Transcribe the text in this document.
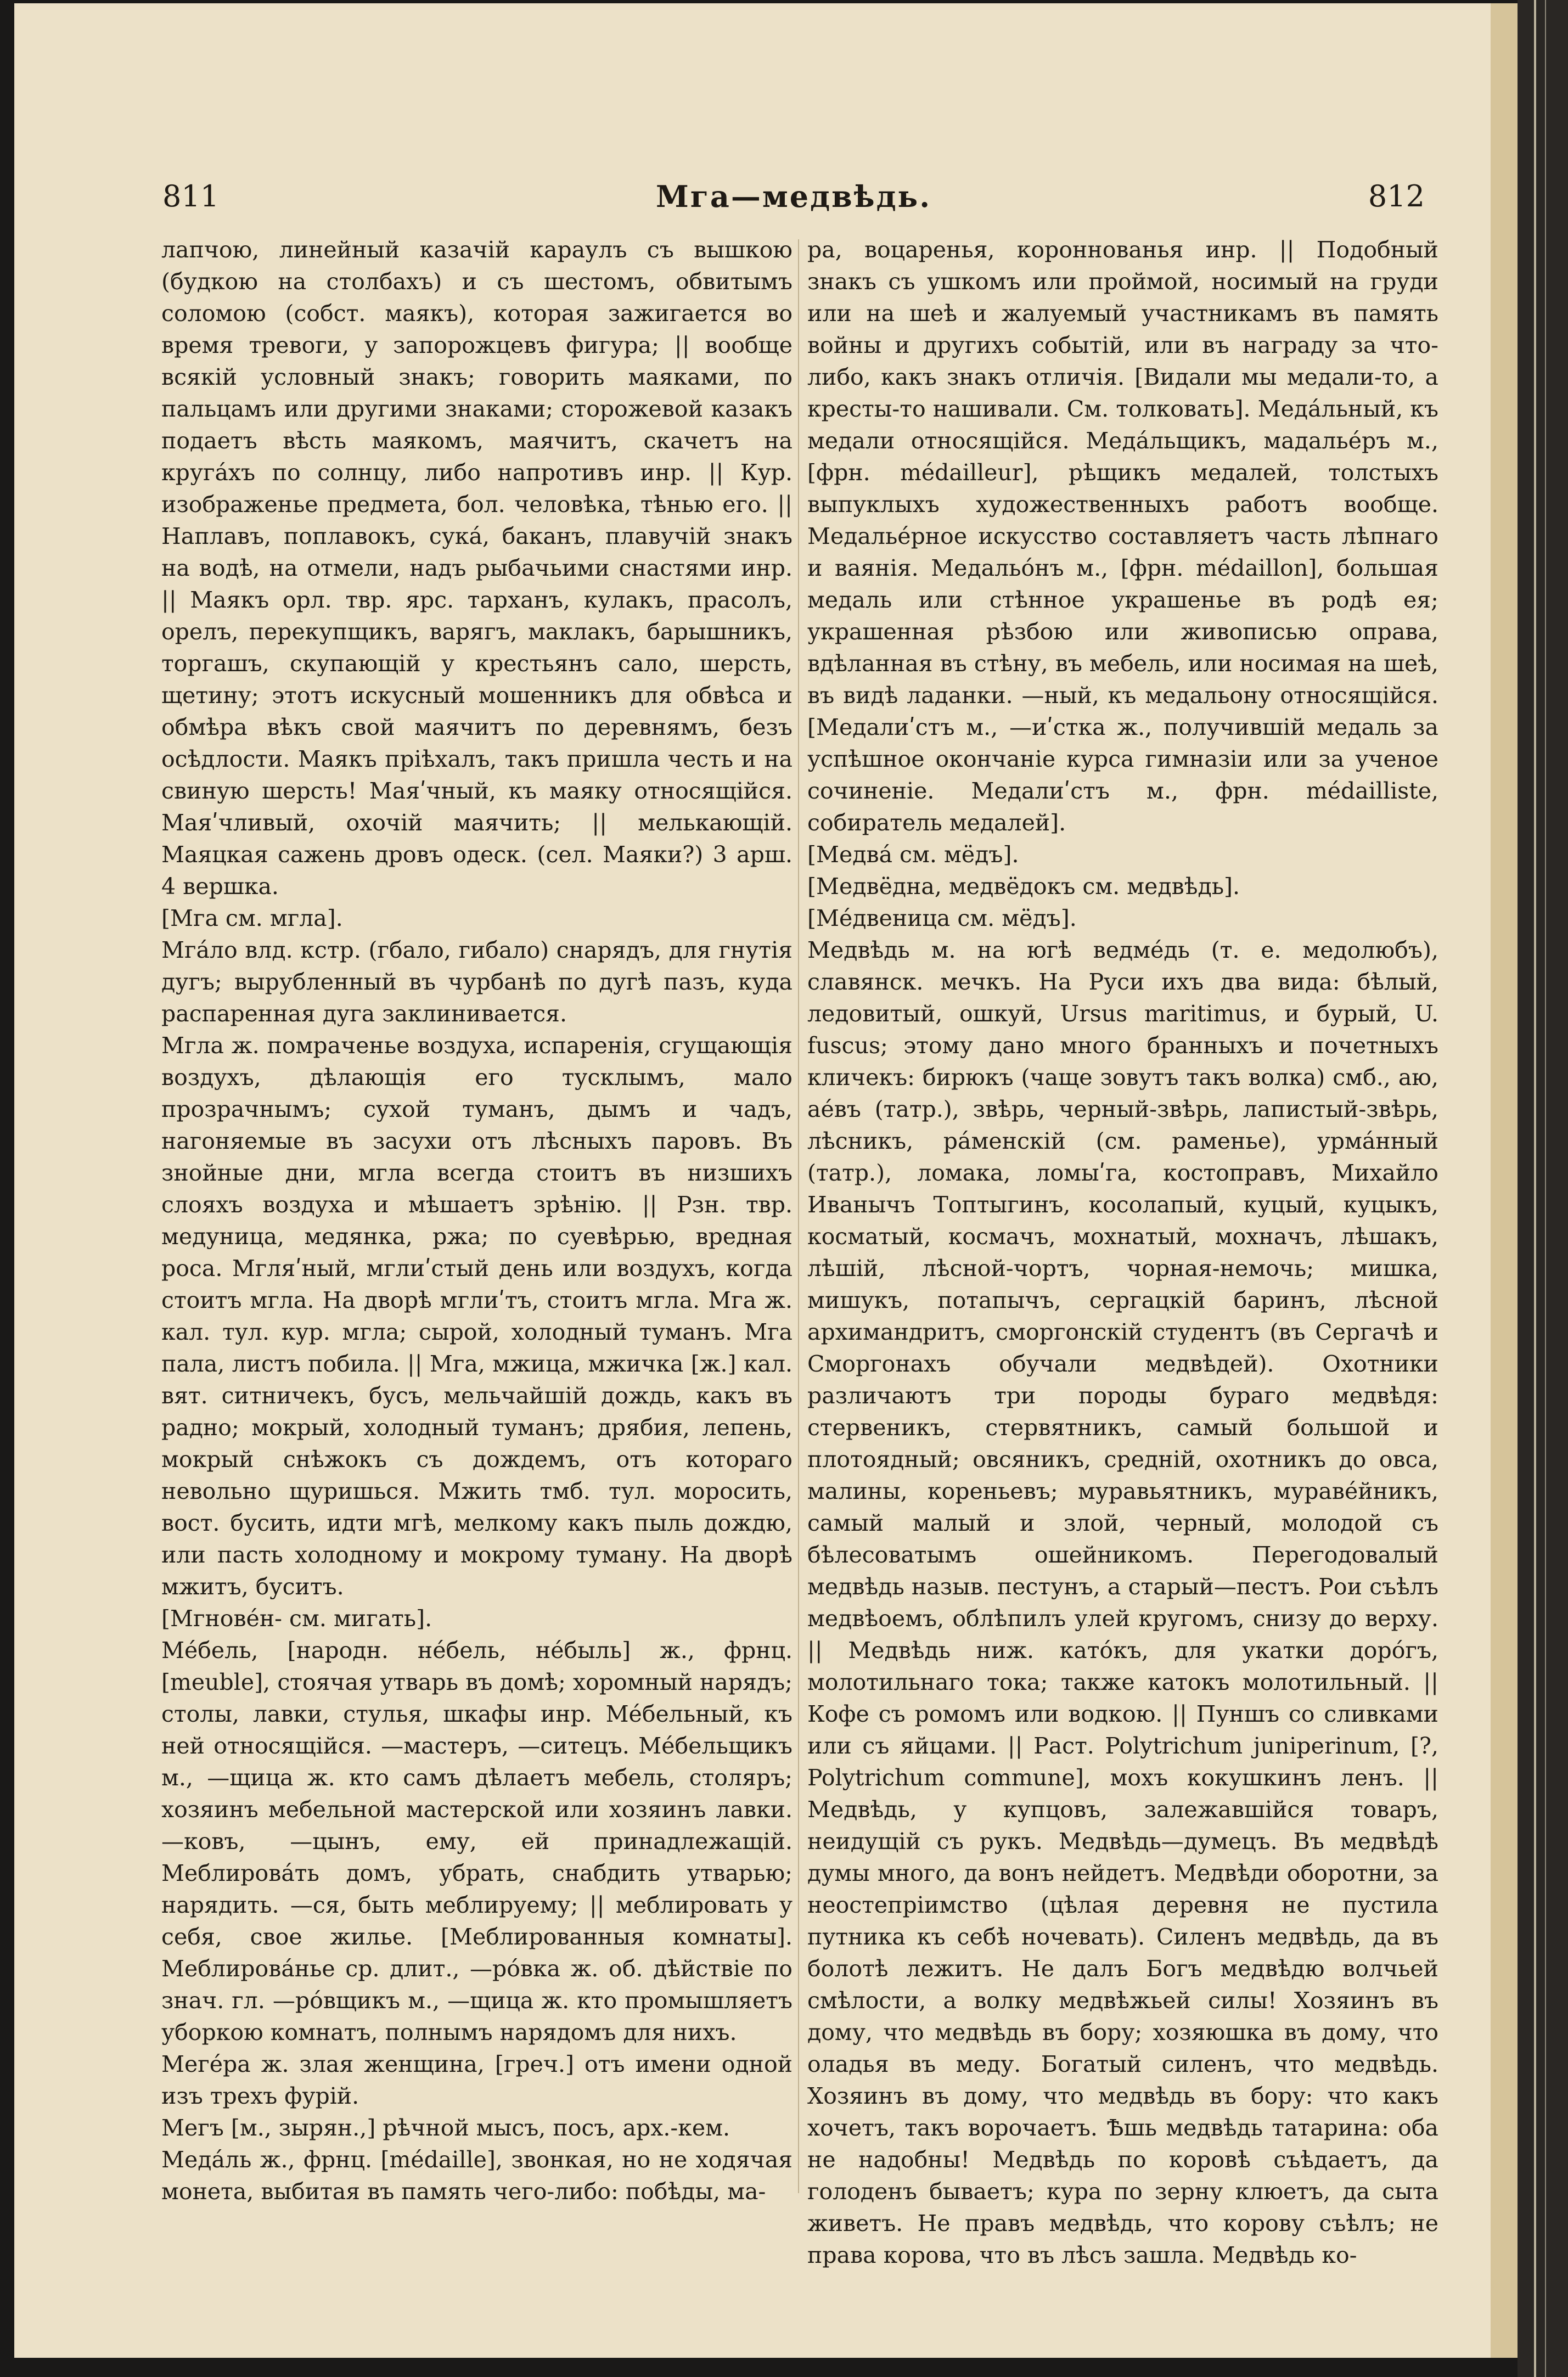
811	Мга—медвѣдь.	812

лапчою, линейный казачій караулъ съ вышкою (будкою на столбахъ) и съ шестомъ, обвитымъ соломою (собст. маякъ), которая зажигается во время тревоги, у запорожцевъ фигура; || вообще всякій условный знакъ; говорить маяками, по пальцамъ или другими знаками; сторожевой казакъ подаетъ вѣсть маякомъ, маячитъ, скачетъ на кругáхъ по солнцу, либо напротивъ инр. || Кур. изображенье предмета, бол. человѣка, тѣнью его. || Наплавъ, поплавокъ, сукá, баканъ, плавучій знакъ на водѣ, на отмели, надъ рыбачьими снастями инр. || Маякъ орл. твр. ярс. тарханъ, кулакъ, прасолъ, орелъ, перекупщикъ, варягъ, маклакъ, барышникъ, торгашъ, скупающій у крестьянъ сало, шерсть, щетину; этотъ искусный мошенникъ для обвѣса и обмѣра вѣкъ свой маячитъ по деревнямъ, безъ осѣдлости. Маякъ пріѣхалъ, такъ пришла честь и на свиную шерсть! Маяʹчный, къ маяку относящійся. Маяʹчливый, охочій маячить; || мелькающій. Маяцкая сажень дровъ одеск. (сел. Маяки?) 3 арш. 4 вершка.

[Мга см. мгла].

Мгáло влд. кстр. (гбало, гибало) снарядъ, для гнутія дугъ; вырубленный въ чурбанѣ по дугѣ пазъ, куда распаренная дуга заклинивается.

Мгла ж. помраченье воздуха, испаренія, сгущающія воздухъ, дѣлающія его тусклымъ, мало прозрачнымъ; сухой туманъ, дымъ и чадъ, нагоняемые въ засухи отъ лѣсныхъ паровъ. Въ знойные дни, мгла всегда стоитъ въ низшихъ слояхъ воздуха и мѣшаетъ зрѣнію. || Рзн. твр. медуница, медянка, ржа; по суевѣрью, вредная роса. Мгляʹный, мглиʹстый день или воздухъ, когда стоитъ мгла. На дворѣ мглиʹтъ, стоитъ мгла. Мга ж. кал. тул. кур. мгла; сырой, холодный туманъ. Мга пала, листъ побила. || Мга, мжица, мжичка [ж.] кал. вят. ситничекъ, бусъ, мельчайшій дождь, какъ въ радно; мокрый, холодный туманъ; дрябия, лепень, мокрый снѣжокъ съ дождемъ, отъ котораго невольно щуришься. Мжить тмб. тул. моросить, вост. бусить, идти мгѣ, мелкому какъ пыль дождю, или пасть холодному и мокрому туману. На дворѣ мжитъ, буситъ.

[Мгновéн- см. мигать].

Мéбель, [народн. нéбель, нéбыль] ж., фрнц. [meuble], стоячая утварь въ домѣ; хоромный нарядъ; столы, лавки, стулья, шкафы инр. Мéбельный, къ ней относящійся. —мастеръ, —ситецъ. Мéбельщикъ м., —щица ж. кто самъ дѣлаетъ мебель, столяръ; хозяинъ мебельной мастерской или хозяинъ лавки. —ковъ, —цынъ, ему, ей принадлежащій. Меблировáть домъ, убрать, снабдить утварью; нарядить. —ся, быть меблируему; || меблировать у себя, свое жилье. [Меблированныя комнаты]. Меблировáнье ср. длит., —рóвка ж. об. дѣйствіе по знач. гл. —рóвщикъ м., —щица ж. кто промышляетъ уборкою комнатъ, полнымъ нарядомъ для нихъ.

Мегéра ж. злая женщина, [греч.] отъ имени одной изъ трехъ фурій.

Мегъ [м., зырян.,] рѣчной мысъ, посъ, арх.-кем.

Медáль ж., фрнц. [médaille], звонкая, но не ходячая монета, выбитая въ память чего-либо: побѣды, ма-

ра, воцаренья, короннованья инр. || Подобный знакъ съ ушкомъ или проймой, носимый на груди или на шеѣ и жалуемый участникамъ въ память войны и другихъ событій, или въ награду за что-либо, какъ знакъ отличія. [Видали мы медали-то, а кресты-то нашивали. См. толковать]. Медáльный, къ медали относящійся. Медáльщикъ, мадальéръ м., [фрн. médailleur], рѣщикъ медалей, толстыхъ выпуклыхъ художественныхъ работъ вообще. Медальéрное искусство составляетъ часть лѣпнаго и ваянія. Медальóнъ м., [фрн. médaillon], большая медаль или стѣнное украшенье въ родѣ ея; украшенная рѣзбою или живописью оправа, вдѣланная въ стѣну, въ мебель, или носимая на шеѣ, въ видѣ ладанки. —ный, къ медальону относящійся. [Медалиʹстъ м., —иʹстка ж., получившій медаль за успѣшное окончаніе курса гимназіи или за ученое сочиненіе. Медалиʹстъ м., фрн. médailliste, собиратель медалей].

[Медвá см. мёдъ].

[Медвёдна, медвёдокъ см. медвѣдь].

[Мéдвеница см. мёдъ].

Медвѣдь м. на югѣ ведмéдь (т. е. медолюбъ), славянск. мечкъ. На Руси ихъ два вида: бѣлый, ледовитый, ошкуй, Ursus maritimus, и бурый, U. fuscus; этому дано много бранныхъ и почетныхъ кличекъ: бирюкъ (чаще зовутъ такъ волка) смб., аю, аéвъ (татр.), звѣрь, черный-звѣрь, лапистый-звѣрь, лѣсникъ, рáменскій (см. раменье), урмáнный (татр.), ломака, ломыʹга, костоправъ, Михайло Иванычъ Топтыгинъ, косолапый, куцый, куцыкъ, косматый, космачъ, мохнатый, мохначъ, лѣшакъ, лѣшій, лѣсной-чортъ, чорная-немочь; мишка, мишукъ, потапычъ, сергацкій баринъ, лѣсной архимандритъ, сморгонскій студентъ (въ Сергачѣ и Сморгонахъ обучали медвѣдей). Охотники различаютъ три породы бураго медвѣдя: стервеникъ, стервятникъ, самый большой и плотоядный; овсяникъ, средній, охотникъ до овса, малины, кореньевъ; муравьятникъ, муравéйникъ, самый малый и злой, черный, молодой съ бѣлесоватымъ ошейникомъ. Перегодовалый медвѣдь назыв. пестунъ, а старый—пестъ. Рои съѣлъ медвѣоемъ, облѣпилъ улей кругомъ, снизу до верху. || Медвѣдь ниж. катóкъ, для укатки дорóгъ, молотильнаго тока; также катокъ молотильный. || Кофе съ ромомъ или водкою. || Пуншъ со сливками или съ яйцами. || Раст. Polytrichum juniperinum, [?, Polytrichum commune], мохъ кокушкинъ ленъ. || Медвѣдь, у купцовъ, залежавшійся товаръ, неидущій съ рукъ. Медвѣдь—думецъ. Въ медвѣдѣ думы много, да вонъ нейдетъ. Медвѣди оборотни, за неостепріимство (цѣлая деревня не пустила путника къ себѣ ночевать). Силенъ медвѣдь, да въ болотѣ лежитъ. Не далъ Богъ медвѣдю волчьей смѣлости, а волку медвѣжьей силы! Хозяинъ въ дому, что медвѣдь въ бору; хозяюшка въ дому, что оладья въ меду. Богатый силенъ, что медвѣдь. Хозяинъ въ дому, что медвѣдь въ бору: что какъ хочетъ, такъ ворочаетъ. Ѣшь медвѣдь татарина: оба не надобны! Медвѣдь по коровѣ съѣдаетъ, да голоденъ бываетъ; кура по зерну клюетъ, да сыта живетъ. Не правъ медвѣдь, что корову съѣлъ; не права корова, что въ лѣсъ зашла. Медвѣдь ко-
